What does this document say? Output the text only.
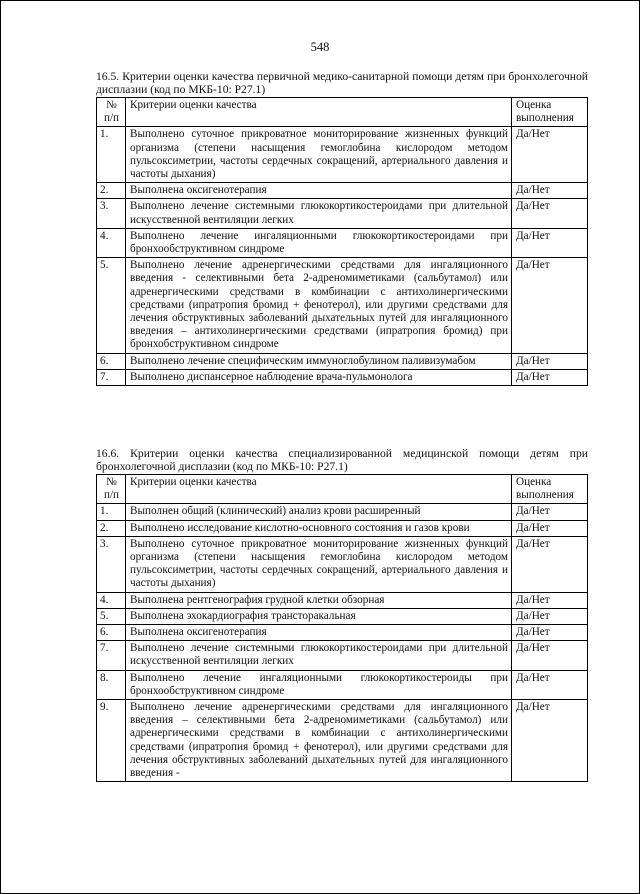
548
16.5. Критерии оценки качества первичной медико-санитарной помощи детям при бронхолегочной дисплазии (код по МКБ-10: P27.1)
№ п/п	Критерии оценки качества	Оценка выполнения
1.	Выполнено суточное прикроватное мониторирование жизненных функций организма (степени насыщения гемоглобина кислородом методом пульсоксиметрии, частоты сердечных сокращений, артериального давления и частоты дыхания)	Да/Нет
2.	Выполнена оксигенотерапия	Да/Нет
3.	Выполнено лечение системными глюкокортикостероидами при длительной искусственной вентиляции легких	Да/Нет
4.	Выполнено лечение ингаляционными глюкокортикостероидами при бронхообструктивном синдроме	Да/Нет
5.	Выполнено лечение адренергическими средствами для ингаляционного введения - селективными бета 2-адреномиметиками (сальбутамол) или адренергическими средствами в комбинации с антихолинергическими средствами (ипратропия бромид + фенотерол), или другими средствами для лечения обструктивных заболеваний дыхательных путей для ингаляционного введения – антихолинергическими средствами (ипратропия бромид) при бронхобструктивном синдроме	Да/Нет
6.	Выполнено лечение специфическим иммуноглобулином паливизумабом	Да/Нет
7.	Выполнено диспансерное наблюдение врача-пульмонолога	Да/Нет
16.6. Критерии оценки качества специализированной медицинской помощи детям при бронхолегочной дисплазии (код по МКБ-10: P27.1)
№ п/п	Критерии оценки качества	Оценка выполнения
1.	Выполнен общий (клинический) анализ крови расширенный	Да/Нет
2.	Выполнено исследование кислотно-основного состояния и газов крови	Да/Нет
3.	Выполнено суточное прикроватное мониторирование жизненных функций организма (степени насыщения гемоглобина кислородом методом пульсоксиметрии, частоты сердечных сокращений, артериального давления и частоты дыхания)	Да/Нет
4.	Выполнена рентгенография грудной клетки обзорная	Да/Нет
5.	Выполнена эхокардиография трансторакальная	Да/Нет
6.	Выполнена оксигенотерапия	Да/Нет
7.	Выполнено лечение системными глюкокортикостероидами при длительной искусственной вентиляции легких	Да/Нет
8.	Выполнено лечение ингаляционными глюкокортикостероиды при бронхообструктивном синдроме	Да/Нет
9.	Выполнено лечение адренергическими средствами для ингаляционного введения – селективными бета 2-адреномиметиками (сальбутамол) или адренергическими средствами в комбинации с антихолинергическими средствами (ипратропия бромид + фенотерол), или другими средствами для лечения обструктивных заболеваний дыхательных путей для ингаляционного введения -	Да/Нет
